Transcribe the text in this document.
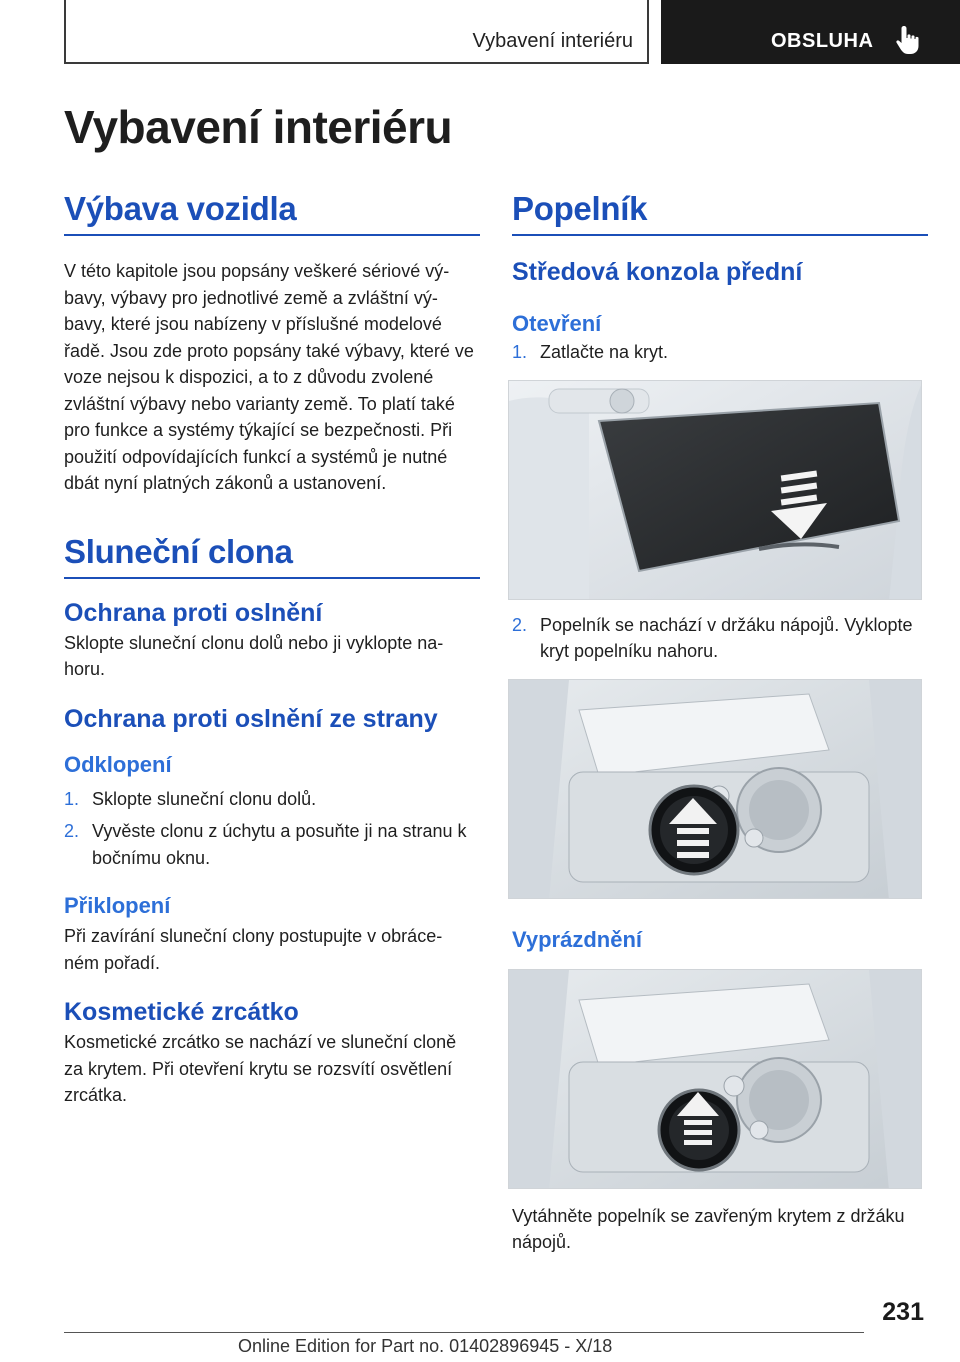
Vybavení interiéru	OBSLUHA
Vybavení interiéru
Výbava vozidla

V této kapitole jsou popsány veškeré sériové vý- bavy, výbavy pro jednotlivé země a zvláštní vý- bavy, které jsou nabízeny v příslušné modelové řadě. Jsou zde proto popsány také výbavy, které ve voze nejsou k dispozici, a to z důvodu zvolené zvláštní výbavy nebo varianty země. To platí také pro funkce a systémy týkající se bezpečnosti. Při použití odpovídajících funkcí a systémů je nutné dbát nyní platných zákonů a ustanovení.

Sluneční clona
Ochrana proti oslnění

Sklopte sluneční clonu dolů nebo ji vyklopte na- horu.

Ochrana proti oslnění ze strany
Odklopení
1. Sklopte sluneční clonu dolů.
2. Vyvěste clonu z úchytu a posuňte ji na stranu k bočnímu oknu.
Přiklopení

Při zavírání sluneční clony postupujte v obráce- ném pořadí.

Kosmetické zrcátko

Kosmetické zrcátko se nachází ve sluneční cloně za krytem. Při otevření krytu se rozsvítí osvětlení zrcátka.

Popelník
Středová konzola přední
Otevření
1. Zatlačte na kryt.
2. Popelník se nachází v držáku nápojů. Vyklopte kryt popelníku nahoru.
Vyprázdnění

Vytáhněte popelník se zavřeným krytem z držáku nápojů.

231
Online Edition for Part no. 01402896945 - X/18
